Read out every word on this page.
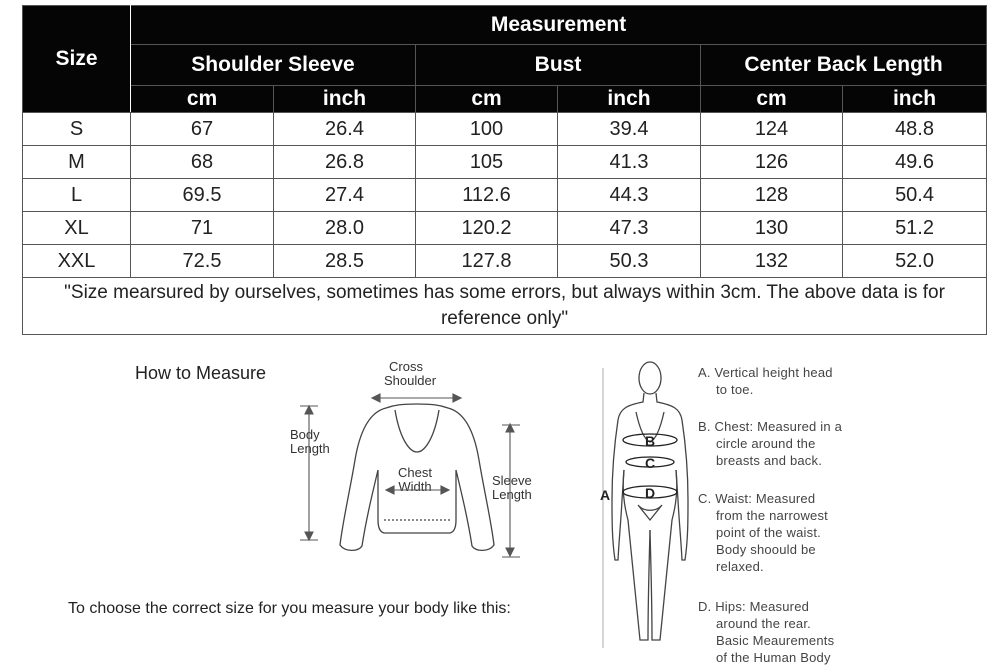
Size	Measurement					
	Shoulder Sleeve		Bust		Center Back Length	
	cm	inch	cm	inch	cm	inch
S	67	26.4	100	39.4	124	48.8
M	68	26.8	105	41.3	126	49.6
L	69.5	27.4	112.6	44.3	128	50.4
XL	71	28.0	120.2	47.3	130	51.2
XXL	72.5	28.5	127.8	50.3	132	52.0
"Size mearsured by ourselves, sometimes has some errors, but always within 3cm. The above data is for reference only"						
How to Measure	Cross
Shoulder
Body
Length
Chest
Width	Sleeve
Length
To choose the correct size for you measure your body like this:
B
C
D
A
A. Vertical height head

to toe.
B. Chest: Measured in a

circle around the
breasts and back.
C. Waist: Measured

from the narrowest
point of the waist.
Body shoould be
relaxed.
D. Hips: Measured

around the rear.
Basic Meaurements
of the Human Body
